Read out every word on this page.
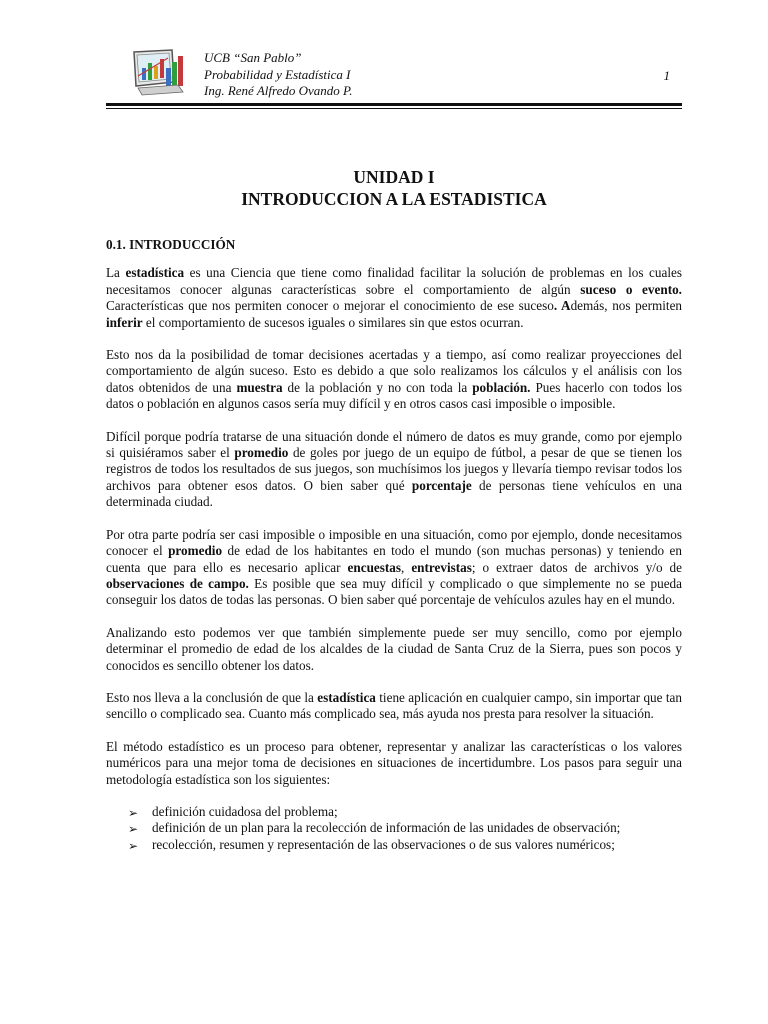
UCB “San Pablo”
Probabilidad y Estadística I
Ing. René Alfredo Ovando P.
1
UNIDAD I
INTRODUCCION A LA ESTADISTICA
0.1. INTRODUCCIÓN

La estadística es una Ciencia que tiene como finalidad facilitar la solución de problemas en los cuales necesitamos conocer algunas características sobre el comportamiento de algún suceso o evento. Características que nos permiten conocer o mejorar el conocimiento de ese suceso. Además, nos permiten inferir el comportamiento de sucesos iguales o similares sin que estos ocurran.

Esto nos da la posibilidad de tomar decisiones acertadas y a tiempo, así como realizar proyecciones del comportamiento de algún suceso. Esto es debido a que solo realizamos los cálculos y el análisis con los datos obtenidos de una muestra de la población y no con toda la población. Pues hacerlo con todos los datos o población en algunos casos sería muy difícil y en otros casos casi imposible o imposible.

Difícil porque podría tratarse de una situación donde el número de datos es muy grande, como por ejemplo si quisiéramos saber el promedio de goles por juego de un equipo de fútbol, a pesar de que se tienen los registros de todos los resultados de sus juegos, son muchísimos los juegos y llevaría tiempo revisar todos los archivos para obtener esos datos. O bien saber qué porcentaje de personas tiene vehículos en una determinada ciudad.

Por otra parte podría ser casi imposible o imposible en una situación, como por ejemplo, donde necesitamos conocer el promedio de edad de los habitantes en todo el mundo (son muchas personas) y teniendo en cuenta que para ello es necesario aplicar encuestas, entrevistas; o extraer datos de archivos y/o de observaciones de campo. Es posible que sea muy difícil y complicado o que simplemente no se pueda conseguir los datos de todas las personas. O bien saber qué porcentaje de vehículos azules hay en el mundo.

Analizando esto podemos ver que también simplemente puede ser muy sencillo, como por ejemplo determinar el promedio de edad de los alcaldes de la ciudad de Santa Cruz de la Sierra, pues son pocos y conocidos es sencillo obtener los datos.

Esto nos lleva a la conclusión de que la estadística tiene aplicación en cualquier campo, sin importar que tan sencillo o complicado sea. Cuanto más complicado sea, más ayuda nos presta para resolver la situación.

El método estadístico es un proceso para obtener, representar y analizar las características o los valores numéricos para una mejor toma de decisiones en situaciones de incertidumbre. Los pasos para seguir una metodología estadística son los siguientes:

➢ definición cuidadosa del problema;
➢ definición de un plan para la recolección de información de las unidades de observación;
➢ recolección, resumen y representación de las observaciones o de sus valores numéricos;
